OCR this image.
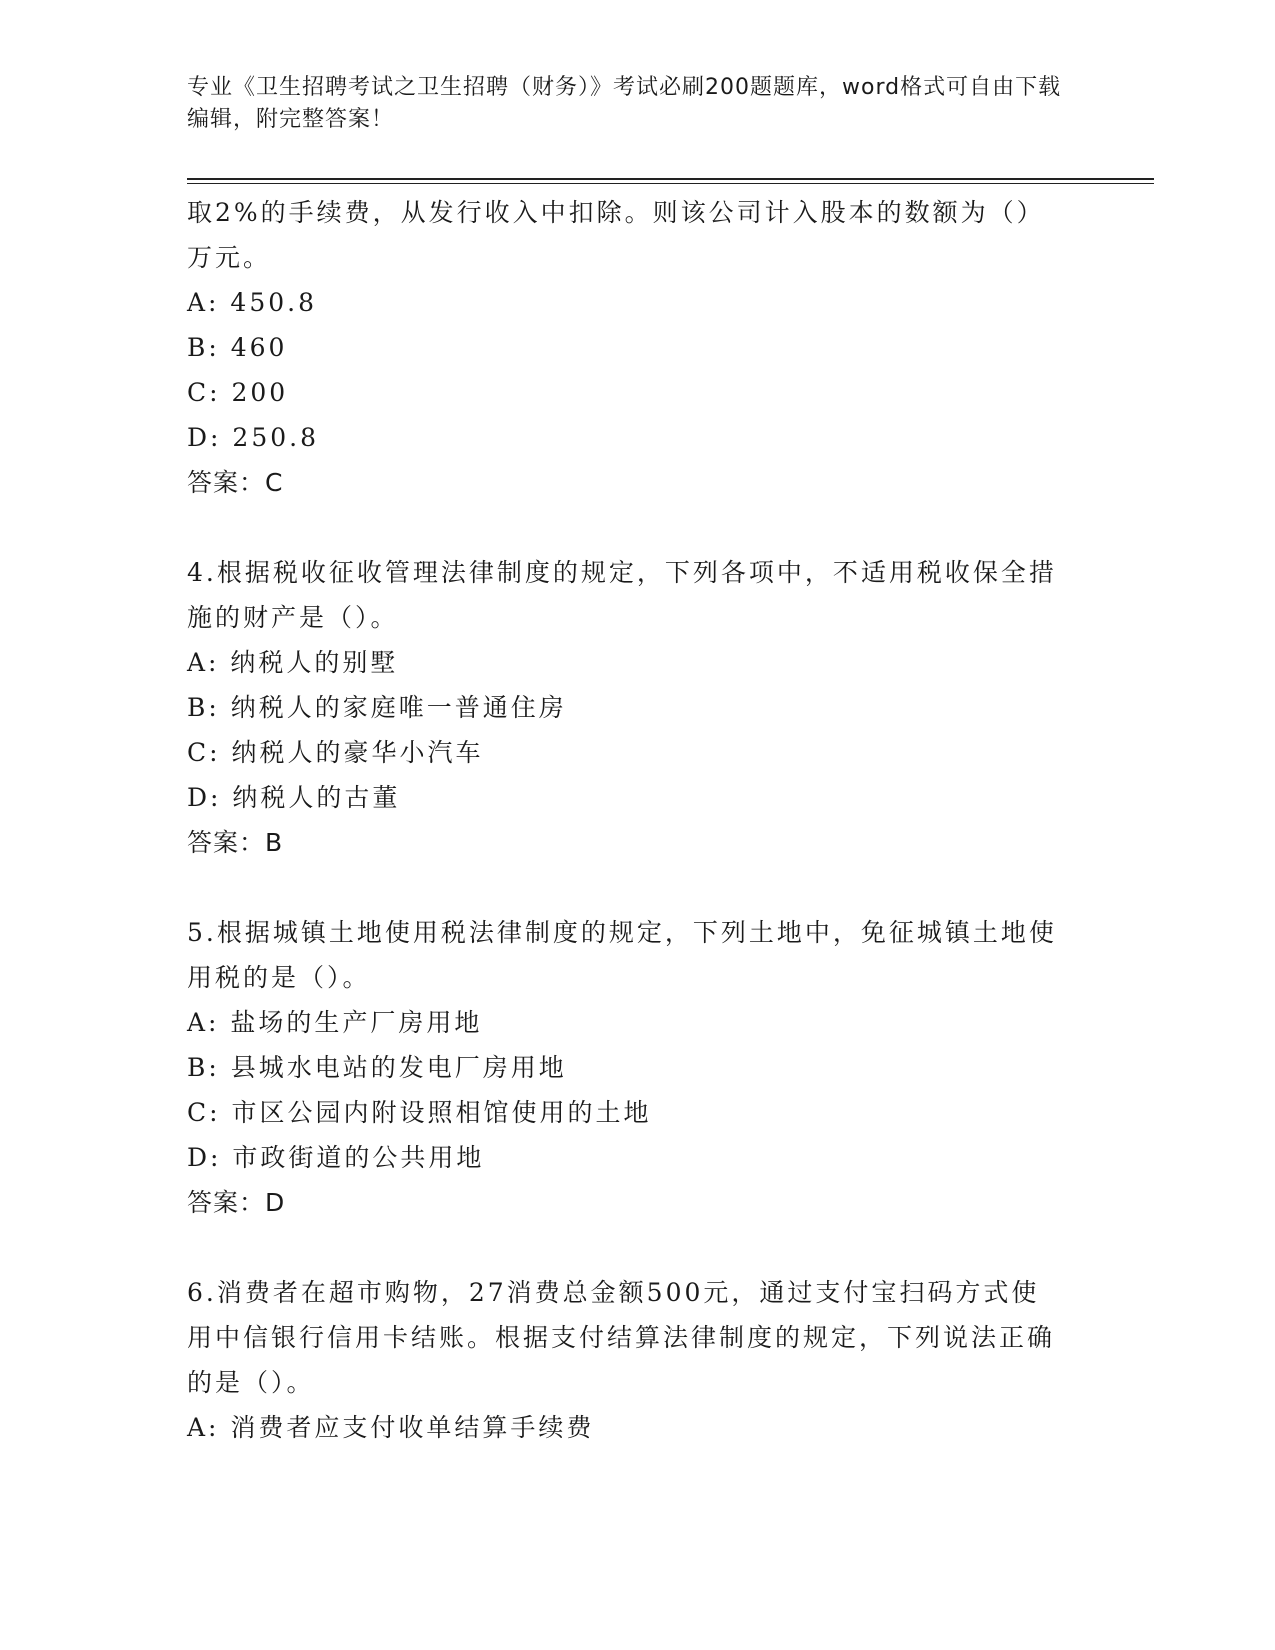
专业《卫生招聘考试之卫生招聘（财务）》考试必刷200题题库，word格式可自由下载编辑，附完整答案！

取2%的手续费，从发行收入中扣除。则该公司计入股本的数额为（）万元。

A: 450.8

B: 460

C: 200

D: 250.8

答案：C

4.根据税收征收管理法律制度的规定，下列各项中，不适用税收保全措施的财产是（）。

A: 纳税人的别墅

B: 纳税人的家庭唯一普通住房

C: 纳税人的豪华小汽车

D: 纳税人的古董

答案：B

5.根据城镇土地使用税法律制度的规定，下列土地中，免征城镇土地使用税的是（）。

A: 盐场的生产厂房用地

B: 县城水电站的发电厂房用地

C: 市区公园内附设照相馆使用的土地

D: 市政街道的公共用地

答案：D

6.消费者在超市购物，27消费总金额500元，通过支付宝扫码方式使用中信银行信用卡结账。根据支付结算法律制度的规定，下列说法正确的是（）。

A: 消费者应支付收单结算手续费
